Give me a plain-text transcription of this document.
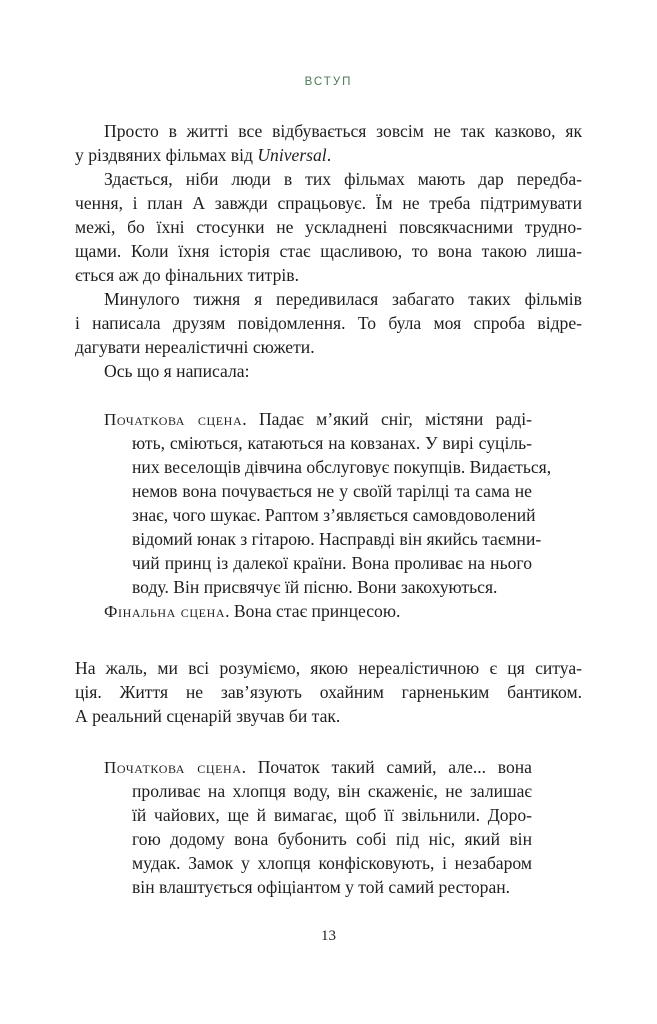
ВСТУП
Просто в житті все відбувається зовсім не так казково, як
у різдвяних фільмах від Universal.
Здається, ніби люди в тих фільмах мають дар передба-
чення, і план А завжди спрацьовує. Їм не треба підтримувати
межі, бо їхні стосунки не ускладнені повсякчасними трудно-
щами. Коли їхня історія стає щасливою, то вона такою лиша-
ється аж до фінальних титрів.
Минулого тижня я передивилася забагато таких фільмів
і написала друзям повідомлення. То була моя спроба відре-
дагувати нереалістичні сюжети.
Ось що я написала:
Початкова сцена. Падає м’який сніг, містяни раді-
ють, сміються, катаються на ковзанах. У вирі суціль-
них веселощів дівчина обслуговує покупців. Видається,
немов вона почувається не у своїй тарілці та сама не
знає, чого шукає. Раптом з’являється самовдоволений
відомий юнак з гітарою. Насправді він якийсь таємни-
чий принц із далекої країни. Вона проливає на нього
воду. Він присвячує їй пісню. Вони закохуються.
Фінальна сцена. Вона стає принцесою.
На жаль, ми всі розуміємо, якою нереалістичною є ця ситуа-
ція. Життя не зав’язують охайним гарненьким бантиком.
А реальний сценарій звучав би так.
Початкова сцена. Початок такий самий, але... вона
проливає на хлопця воду, він скаженіє, не залишає
їй чайових, ще й вимагає, щоб її звільнили. Доро-
гою додому вона бубонить собі під ніс, який він
мудак. Замок у хлопця конфісковують, і незабаром
він влаштується офіціантом у той самий ресторан.
13
